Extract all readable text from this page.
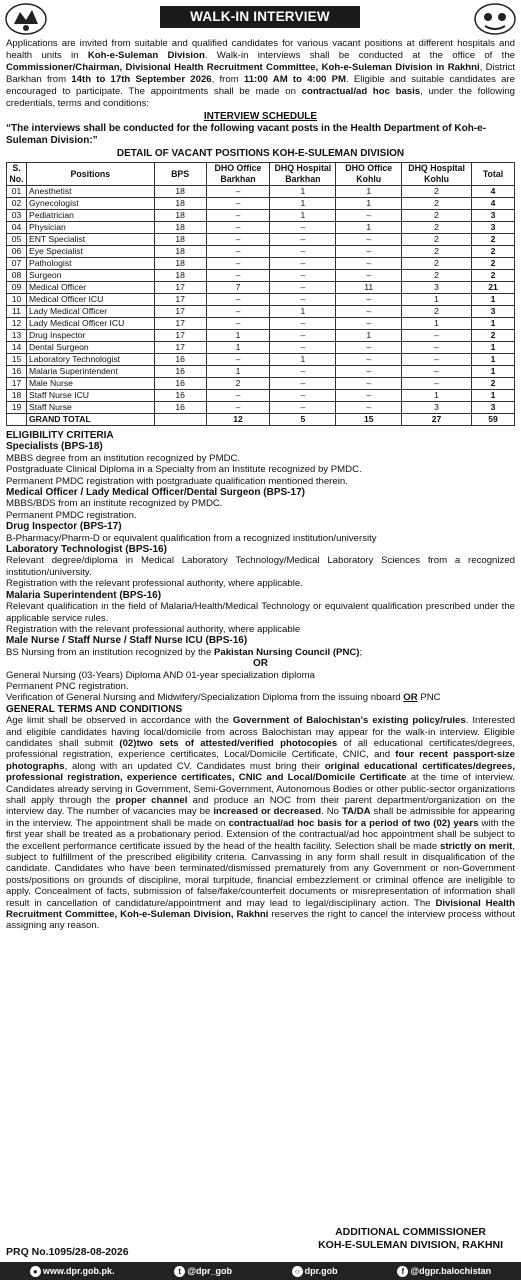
WALK-IN INTERVIEW
Applications are invited from suitable and qualified candidates for various vacant positions at different hospitals and health units in Koh-e-Suleman Division. Walk-in interviews shall be conducted at the office of the Commissioner/Chairman, Divisional Health Recruitment Committee, Koh-e-Suleman Division in Rakhni, District Barkhan from 14th to 17th September 2026, from 11:00 AM to 4:00 PM. Eligible and suitable candidates are encouraged to participate. The appointments shall be made on contractual/ad hoc basis, under the following credentials, terms and conditions:
INTERVIEW SCHEDULE
“The interviews shall be conducted for the following vacant posts in the Health Department of Koh-e-Suleman Division:”
DETAIL OF VACANT POSITIONS KOH-E-SULEMAN DIVISION
S. No.	Positions	BPS	DHO Office Barkhan	DHQ Hospital Barkhan	DHO Office Kohlu	DHQ Hospital Kohlu	Total
01	Anesthetist	18	–	1	1	2	4
02	Gynecologist	18	–	1	1	2	4
03	Pediatrician	18	–	1	–	2	3
04	Physician	18	–	–	1	2	3
05	ENT Specialist	18	–	–	–	2	2
06	Eye Specialist	18	–	–	–	2	2
07	Pathologist	18	–	–	–	2	2
08	Surgeon	18	–	–	–	2	2
09	Medical Officer	17	7	–	11	3	21
10	Medical Officer ICU	17	–	–	–	1	1
11	Lady Medical Officer	17	–	1	–	2	3
12	Lady Medical Officer ICU	17	–	–	–	1	1
13	Drug Inspector	17	1	–	1	–	2
14	Dental Surgeon	17	1	–	–	–	1
15	Laboratory Technologist	16	–	1	–	–	1
16	Malaria Superintendent	16	1	–	–	–	1
17	Male Nurse	16	2	–	–	–	2
18	Staff Nurse ICU	16	–	–	–	1	1
19	Staff Nurse	16	–	–	–	3	3
	GRAND TOTAL		12	5	15	27	59

ELIGIBILITY CRITERIA

Specialists (BPS-18)

MBBS degree from an institution recognized by PMDC.

Postgraduate Clinical Diploma in a Specialty from an Institute recognized by PMDC.

Permanent PMDC registration with postgraduate qualification mentioned therein.

Medical Officer / Lady Medical Officer/Dental Surgeon (BPS-17)

MBBS/BDS from an institute recognized by PMDC.

Permanent PMDC registration.

Drug Inspector (BPS-17)

B-Pharmacy/Pharm-D or equivalent qualification from a recognized institution/university

Laboratory Technologist (BPS-16)

Relevant degree/diploma in Medical Laboratory Technology/Medical Laboratory Sciences from a recognized institution/university.

Registration with the relevant professional authority, where applicable.

Malaria Superintendent (BPS-16)

Relevant qualification in the field of Malaria/Health/Medical Technology or equivalent qualification prescribed under the applicable service rules.

Registration with the relevant professional authority, where applicable

Male Nurse / Staff Nurse / Staff Nurse ICU (BPS-16)

BS Nursing from an institution recognized by the Pakistan Nursing Council (PNC);

OR

General Nursing (03-Years) Diploma AND 01-year specialization diploma

Permanent PNC registration.

Verification of General Nursing and Midwifery/Specialization Diploma from the issuing nboard OR PNC

GENERAL TERMS AND CONDITIONS

Age limit shall be observed in accordance with the Government of Balochistan's existing policy/rules. Interested and eligible candidates having local/domicile from across Balochistan may appear for the walk-in interview. Eligible candidates shall submit (02)two sets of attested/verified photocopies of all educational certificates/degrees, professional registration, experience certificates, Local/Domicile Certificate, CNIC, and four recent passport-size photographs, along with an updated CV. Candidates must bring their original educational certificates/degrees, professional registration, experience certificates, CNIC and Local/Domicile Certificate at the time of interview. Candidates already serving in Government, Semi-Government, Autonomous Bodies or other public-sector organizations shall apply through the proper channel and produce an NOC from their parent department/organization on the interview day. The number of vacancies may be increased or decreased. No TA/DA shall be admissible for appearing in the interview. The appointment shall be made on contractual/ad hoc basis for a period of two (02) years with the first year shall be treated as a probationary period. Extension of the contractual/ad hoc appointment shall be subject to the excellent performance certificate issued by the head of the health facility. Selection shall be made strictly on merit, subject to fulfillment of the prescribed eligibility criteria. Canvassing in any form shall result in disqualification of the candidate. Candidates who have been terminated/dismissed prematurely from any Government or non-Government posts/positions on grounds of discipline, moral turpitude, financial embezzlement or criminal offence are ineligible to apply. Concealment of facts, submission of false/fake/counterfeit documents or misrepresentation of information shall result in cancellation of candidature/appointment and may lead to legal/disciplinary action. The Divisional Health Recruitment Committee, Koh-e-Suleman Division, Rakhni reserves the right to cancel the interview process without assigning any reason.

ADDITIONAL COMMISSIONER
KOH-E-SULEMAN DIVISION, RAKHNI
PRQ No.1095/28-08-2026
● www.dpr.gob.pk.	t @dpr_gob	○ dpr.gob	f @dgpr.balochistan
